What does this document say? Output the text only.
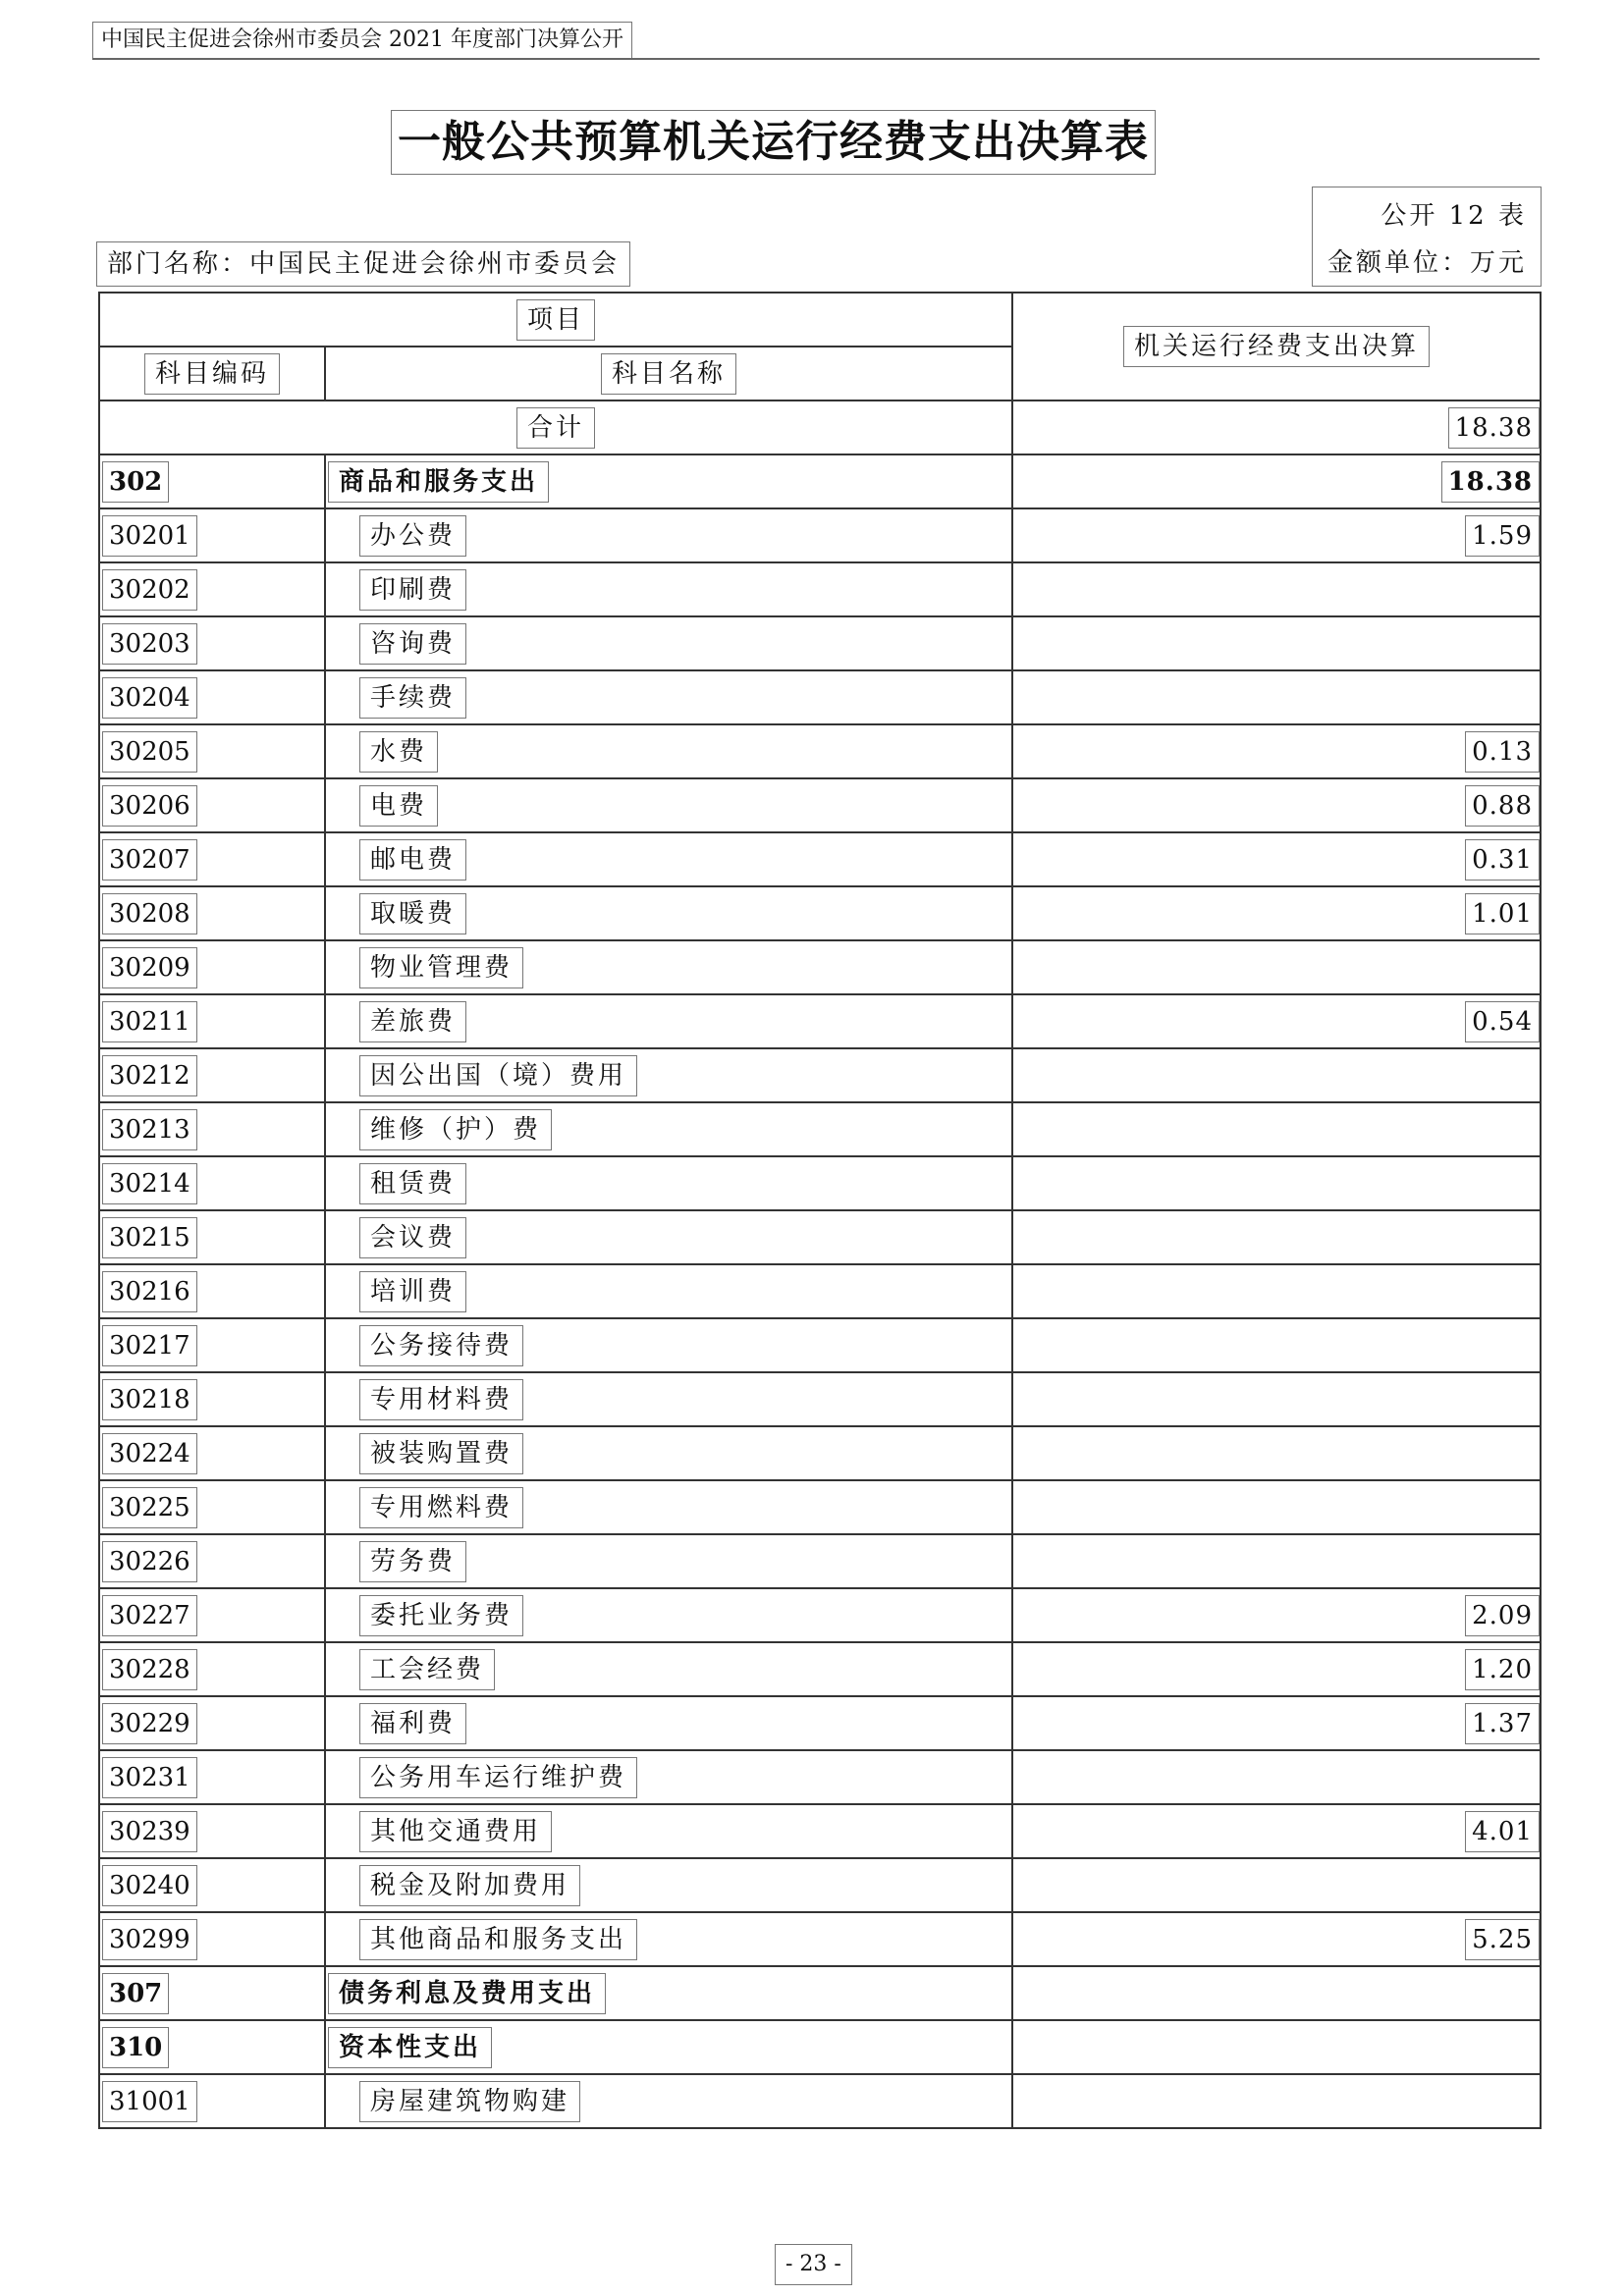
中国民主促进会徐州市委员会 2021 年度部门决算公开
一般公共预算机关运行经费支出决算表
公开 12 表
金额单位：万元
部门名称：中国民主促进会徐州市委员会
项目		机关运行经费支出决算
科目编码	科目名称	
合计		18.38
302	商品和服务支出	18.38
30201	办公费	1.59
30202	印刷费	
30203	咨询费	
30204	手续费	
30205	水费	0.13
30206	电费	0.88
30207	邮电费	0.31
30208	取暖费	1.01
30209	物业管理费	
30211	差旅费	0.54
30212	因公出国（境）费用	
30213	维修（护）费	
30214	租赁费	
30215	会议费	
30216	培训费	
30217	公务接待费	
30218	专用材料费	
30224	被装购置费	
30225	专用燃料费	
30226	劳务费	
30227	委托业务费	2.09
30228	工会经费	1.20
30229	福利费	1.37
30231	公务用车运行维护费	
30239	其他交通费用	4.01
30240	税金及附加费用	
30299	其他商品和服务支出	5.25
307	债务利息及费用支出	
310	资本性支出	
31001	房屋建筑物购建	
- 23 -
